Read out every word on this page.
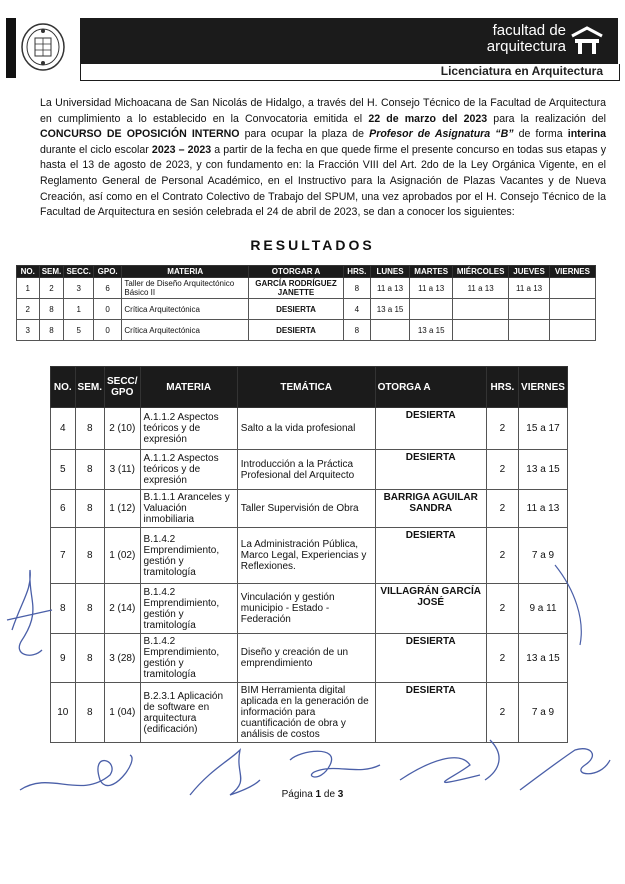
facultad de
arquitectura
Licenciatura en Arquitectura
La Universidad Michoacana de San Nicolás de Hidalgo, a través del H. Consejo Técnico de la Facultad de Arquitectura en cumplimiento a lo establecido en la Convocatoria emitida el 22 de marzo del 2023 para la realización del CONCURSO DE OPOSICIÓN INTERNO para ocupar la plaza de Profesor de Asignatura “B” de forma interina durante el ciclo escolar 2023 – 2023 a partir de la fecha en que quede firme el presente concurso en todas sus etapas y hasta el 13 de agosto de 2023, y con fundamento en: la Fracción VIII del Art. 2do de la Ley Orgánica Vigente, en el Reglamento General de Personal Académico, en el Instructivo para la Asignación de Plazas Vacantes y de Nueva Creación, así como en el Contrato Colectivo de Trabajo del SPUM, una vez aprobados por el H. Consejo Técnico de la Facultad de Arquitectura en sesión celebrada el 24 de abril de 2023, se dan a conocer los siguientes:
RESULTADOS
NO.	SEM.	SECC.	GPO.	MATERIA	OTORGAR A	HRS.	LUNES	MARTES	MIÉRCOLES	JUEVES	VIERNES
1	2	3	6	Taller de Diseño Arquitectónico Básico II	GARCÍA RODRÍGUEZ JANETTE	8	11 a 13	11 a 13	11 a 13	11 a 13	
2	8	1	0	Crítica Arquitectónica	DESIERTA	4	13 a 15				
3	8	5	0	Crítica Arquitectónica	DESIERTA	8		13 a 15			
NO.	SEM.	SECC/ GPO	MATERIA	TEMÁTICA	OTORGA A	HRS.	VIERNES
4	8	2 (10)	A.1.1.2 Aspectos teóricos y de expresión	Salto a la vida profesional	DESIERTA	2	15 a 17
5	8	3 (11)	A.1.1.2 Aspectos teóricos y de expresión	Introducción a la Práctica Profesional del Arquitecto	DESIERTA	2	13 a 15
6	8	1 (12)	B.1.1.1 Aranceles y Valuación inmobiliaria	Taller Supervisión de Obra	BARRIGA AGUILAR SANDRA	2	11 a 13
7	8	1 (02)	B.1.4.2 Emprendimiento, gestión y tramitología	La Administración Pública, Marco Legal, Experiencias y Reflexiones.	DESIERTA	2	7 a 9
8	8	2 (14)	B.1.4.2 Emprendimiento, gestión y tramitología	Vinculación y gestión municipio - Estado - Federación	VILLAGRÁN GARCÍA JOSÉ	2	9 a 11
9	8	3 (28)	B.1.4.2 Emprendimiento, gestión y tramitología	Diseño y creación de un emprendimiento	DESIERTA	2	13 a 15
10	8	1 (04)	B.2.3.1 Aplicación de software en arquitectura (edificación)	BIM Herramienta digital aplicada en la generación de información para cuantificación de obra y análisis de costos	DESIERTA	2	7 a 9
Página 1 de 3
